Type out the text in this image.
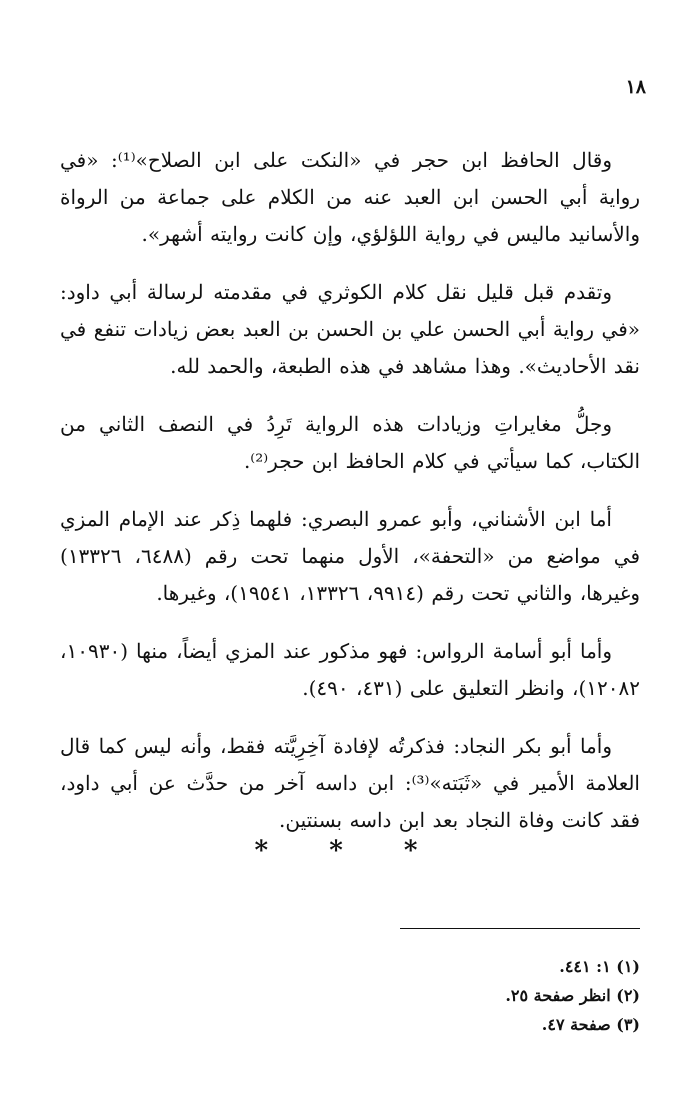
١٨

وقال الحافظ ابن حجر في «النكت على ابن الصلاح»⁽¹⁾: «في رواية أبي الحسن ابن العبد عنه من الكلام على جماعة من الرواة والأسانيد ماليس في رواية اللؤلؤي، وإن كانت روايته أشهر».

وتقدم قبل قليل نقل كلام الكوثري في مقدمته لرسالة أبي داود: «في رواية أبي الحسن علي بن الحسن بن العبد بعض زيادات تنفع في نقد الأحاديث». وهذا مشاهد في هذه الطبعة، والحمد لله.

وجلُّ مغايراتِ وزيادات هذه الرواية تَرِدُ في النصف الثاني من الكتاب، كما سيأتي في كلام الحافظ ابن حجر⁽²⁾.

أما ابن الأشناني، وأبو عمرو البصري: فلهما ذِكر عند الإمام المزي في مواضع من «التحفة»، الأول منهما تحت رقم (٦٤٨٨، ١٣٣٢٦) وغيرها، والثاني تحت رقم (٩٩١٤، ١٣٣٢٦، ١٩٥٤١)، وغيرها.

وأما أبو أسامة الرواس: فهو مذكور عند المزي أيضاً، منها (١٠٩٣٠، ١٢٠٨٢)، وانظر التعليق على (٤٣١، ٤٩٠).

وأما أبو بكر النجاد: فذكرتُه لإفادة آخِرِيَّته فقط، وأنه ليس كما قال العلامة الأمير في «ثَبَته»⁽³⁾: ابن داسه آخر من حدَّث عن أبي داود، فقد كانت وفاة النجاد بعد ابن داسه بسنتين.

* * *

(١) ١: ٤٤١.

(٢) انظر صفحة ٢٥.

(٣) صفحة ٤٧.
